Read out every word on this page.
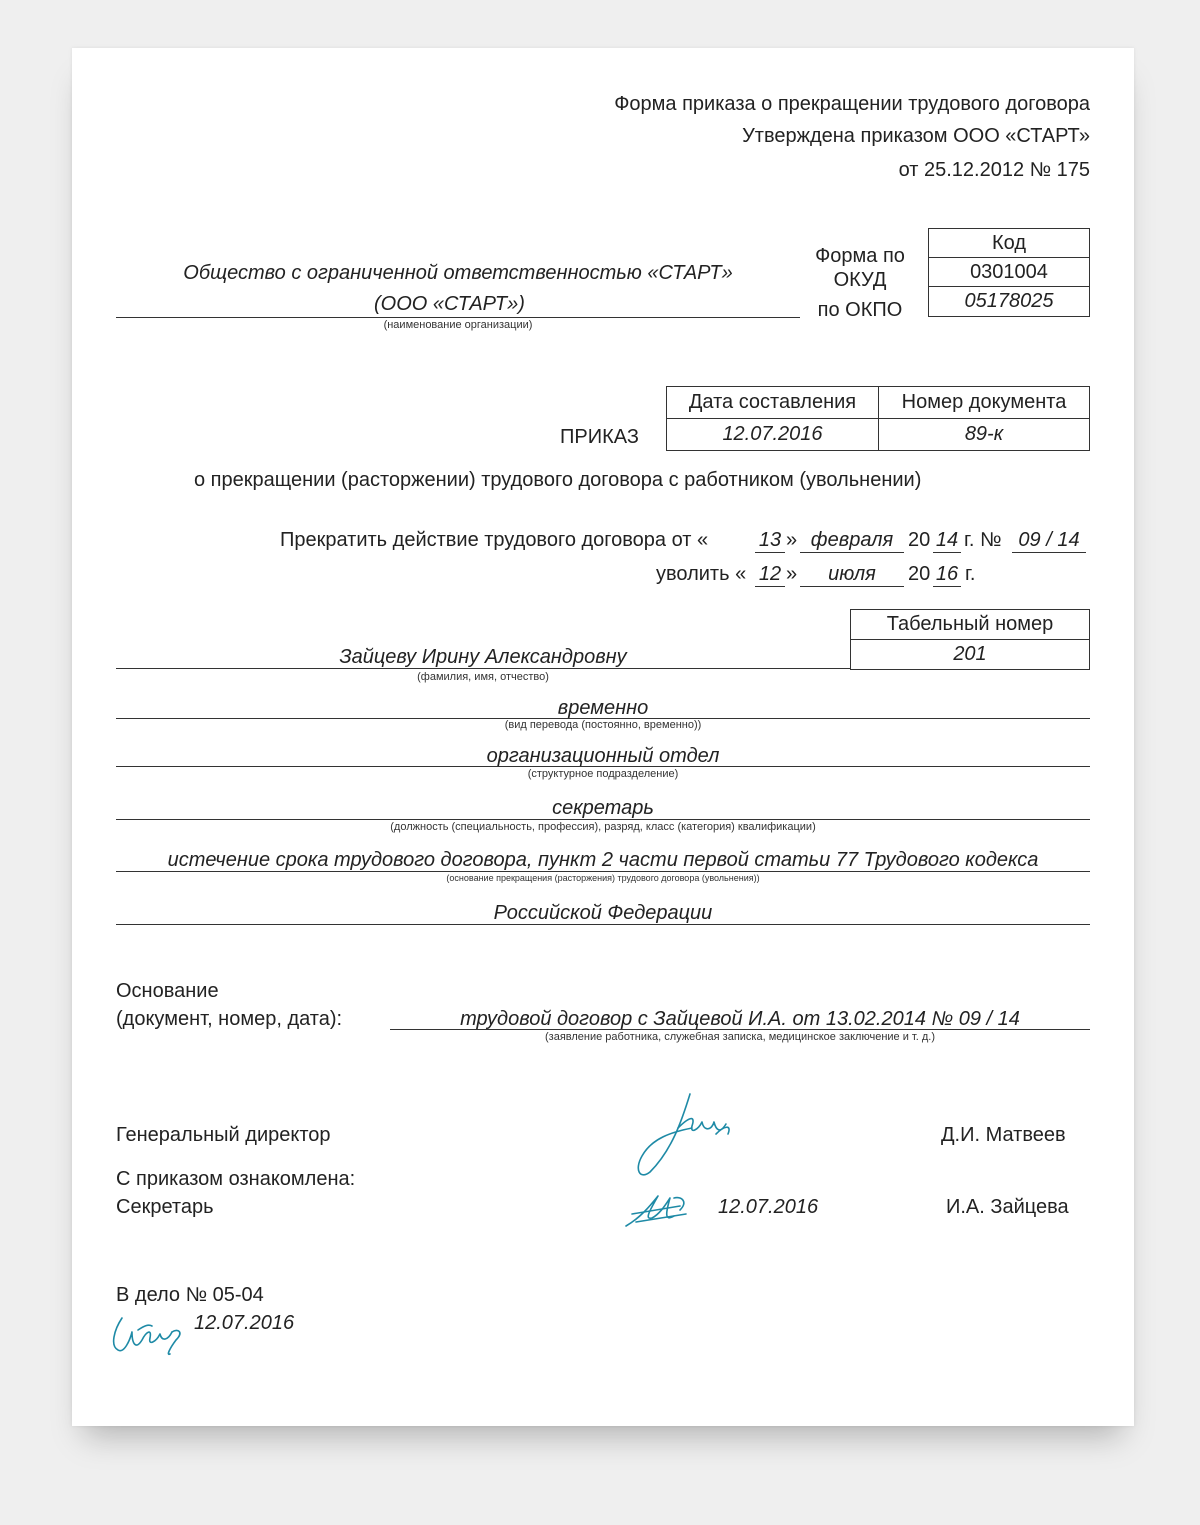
Форма приказа о прекращении трудового договора
Утверждена приказом ООО «СТАРТ»
от 25.12.2012 № 175
Общество с ограниченной ответственностью «СТАРТ»
(ООО «СТАРТ»)
(наименование организации)
Форма по
ОКУД
по ОКПО
Код
0301004
05178025
ПРИКАЗ
Дата составления	Номер документа
12.07.2016	89-к
о прекращении (расторжении) трудового договора с работником (увольнении)
Прекратить действие трудового договора от «	13 » февраля 20 14 г. № 09 / 14
уволить « 12 »	июля	20 16 г.
Табельный номер
201
Зайцеву Ирину Александровну
(фамилия, имя, отчество)
временно
(вид перевода (постоянно, временно))
организационный отдел
(структурное подразделение)
секретарь
(должность (специальность, профессия), разряд, класс (категория) квалификации)
истечение срока трудового договора, пункт 2 части первой статьи 77 Трудового кодекса
(основание прекращения (расторжения) трудового договора (увольнения))
Российской Федерации
Основание
(документ, номер, дата):	трудовой договор с Зайцевой И.А. от 13.02.2014 № 09 / 14
(заявление работника, служебная записка, медицинское заключение и т. д.)
Генеральный директор	Д.И. Матвеев
С приказом ознакомлена:
Секретарь	12.07.2016	И.А. Зайцева
В дело № 05-04
12.07.2016
